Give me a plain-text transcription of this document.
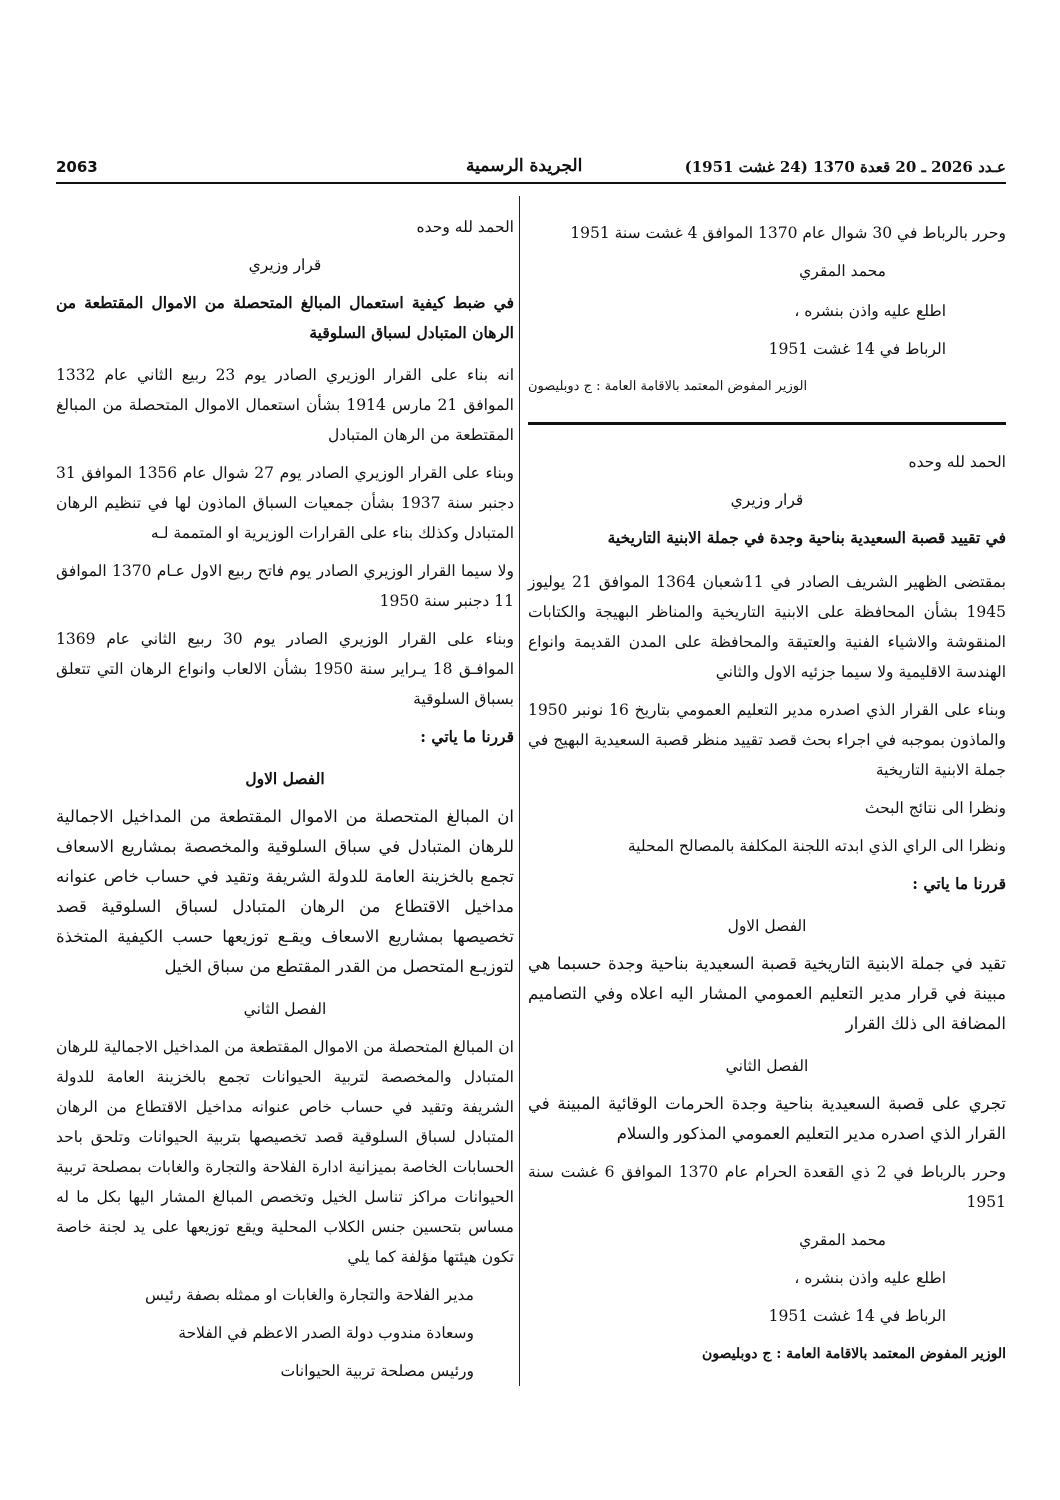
2063	الجريدة الرسمية	عـدد 2026 ـ 20 قعدة 1370 (24 غشت 1951)

وحرر بالرباط في 30 شوال عام 1370 الموافق 4 غشت سنة 1951

محمد المقري

اطلع عليه واذن بنشره ،

الرباط في 14 غشت 1951

الوزير المفوض المعتمد بالاقامة العامة : ج دوبليصون

الحمد لله وحده

قرار وزيري

في تقييد قصبة السعيدية بناحية وجدة في جملة الابنية التاريخية

بمقتضى الظهير الشريف الصادر في 11شعبان 1364 الموافق 21 يوليوز 1945 بشأن المحافظة على الابنية التاريخية والمناظر البهيجة والكتابات المنقوشة والاشياء الفنية والعتيقة والمحافظة على المدن القديمة وانواع الهندسة الاقليمية ولا سيما جزئيه الاول والثاني

وبناء على القرار الذي اصدره مدير التعليم العمومي بتاريخ 16 نونبر 1950 والماذون بموجبه في اجراء بحث قصد تقييد منظر قصبة السعيدية البهيج في جملة الابنية التاريخية

ونظرا الى نتائج البحث

ونظرا الى الراي الذي ابدته اللجنة المكلفة بالمصالح المحلية

قررنا ما ياتي :

الفصل الاول

تقيد في جملة الابنية التاريخية قصبة السعيدية بناحية وجدة حسبما هي مبينة في قرار مدير التعليم العمومي المشار اليه اعلاه وفي التصاميم المضافة الى ذلك القرار

الفصل الثاني

تجري على قصبة السعيدية بناحية وجدة الحرمات الوقائية المبينة في القرار الذي اصدره مدير التعليم العمومي المذكور والسلام

وحرر بالرباط في 2 ذي القعدة الحرام عام 1370 الموافق 6 غشت سنة 1951

محمد المقري

اطلع عليه واذن بنشره ،

الرباط في 14 غشت 1951

الوزير المفوض المعتمد بالاقامة العامة : ج دوبليصون

الحمد لله وحده

قرار وزيري

في ضبط كيفية استعمال المبالغ المتحصلة من الاموال المقتطعة من الرهان المتبادل لسباق السلوقية

انه بناء على القرار الوزيري الصادر يوم 23 ربيع الثاني عام 1332 الموافق 21 مارس 1914 بشأن استعمال الاموال المتحصلة من المبالغ المقتطعة من الرهان المتبادل

وبناء على القرار الوزيري الصادر يوم 27 شوال عام 1356 الموافق 31 دجنبر سنة 1937 بشأن جمعيات السباق الماذون لها في تنظيم الرهان المتبادل وكذلك بناء على القرارات الوزيرية او المتممة لـه

ولا سيما القرار الوزيري الصادر يوم فاتح ربيع الاول عـام 1370 الموافق 11 دجنبر سنة 1950

وبناء على القرار الوزيري الصادر يوم 30 ربيع الثاني عام 1369 الموافـق 18 يـراير سنة 1950 بشأن الالعاب وانواع الرهان التي تتعلق بسباق السلوقية

قررنا ما ياتي :

الفصل الاول

ان المبالغ المتحصلة من الاموال المقتطعة من المداخيل الاجمالية للرهان المتبادل في سباق السلوقية والمخصصة بمشاريع الاسعاف تجمع بالخزينة العامة للدولة الشريفة وتقيد في حساب خاص عنوانه مداخيل الاقتطاع من الرهان المتبادل لسباق السلوقية قصد تخصيصها بمشاريع الاسعاف ويقـع توزيعها حسب الكيفية المتخذة لتوزيـع المتحصل من القدر المقتطع من سباق الخيل

الفصل الثاني

ان المبالغ المتحصلة من الاموال المقتطعة من المداخيل الاجمالية للرهان المتبادل والمخصصة لتربية الحيوانات تجمع بالخزينة العامة للدولة الشريفة وتقيد في حساب خاص عنوانه مداخيل الاقتطاع من الرهان المتبادل لسباق السلوقية قصد تخصيصها بتربية الحيوانات وتلحق باحد الحسابات الخاصة بميزانية ادارة الفلاحة والتجارة والغابات بمصلحة تربية الحيوانات مراكز تناسل الخيل وتخصص المبالغ المشار اليها بكل ما له مساس بتحسين جنس الكلاب المحلية ويقع توزيعها على يد لجنة خاصة تكون هيئتها مؤلفة كما يلي

مدير الفلاحة والتجارة والغابات او ممثله بصفة رئيس

وسعادة مندوب دولة الصدر الاعظم في الفلاحة

ورئيس مصلحة تربية الحيوانات
